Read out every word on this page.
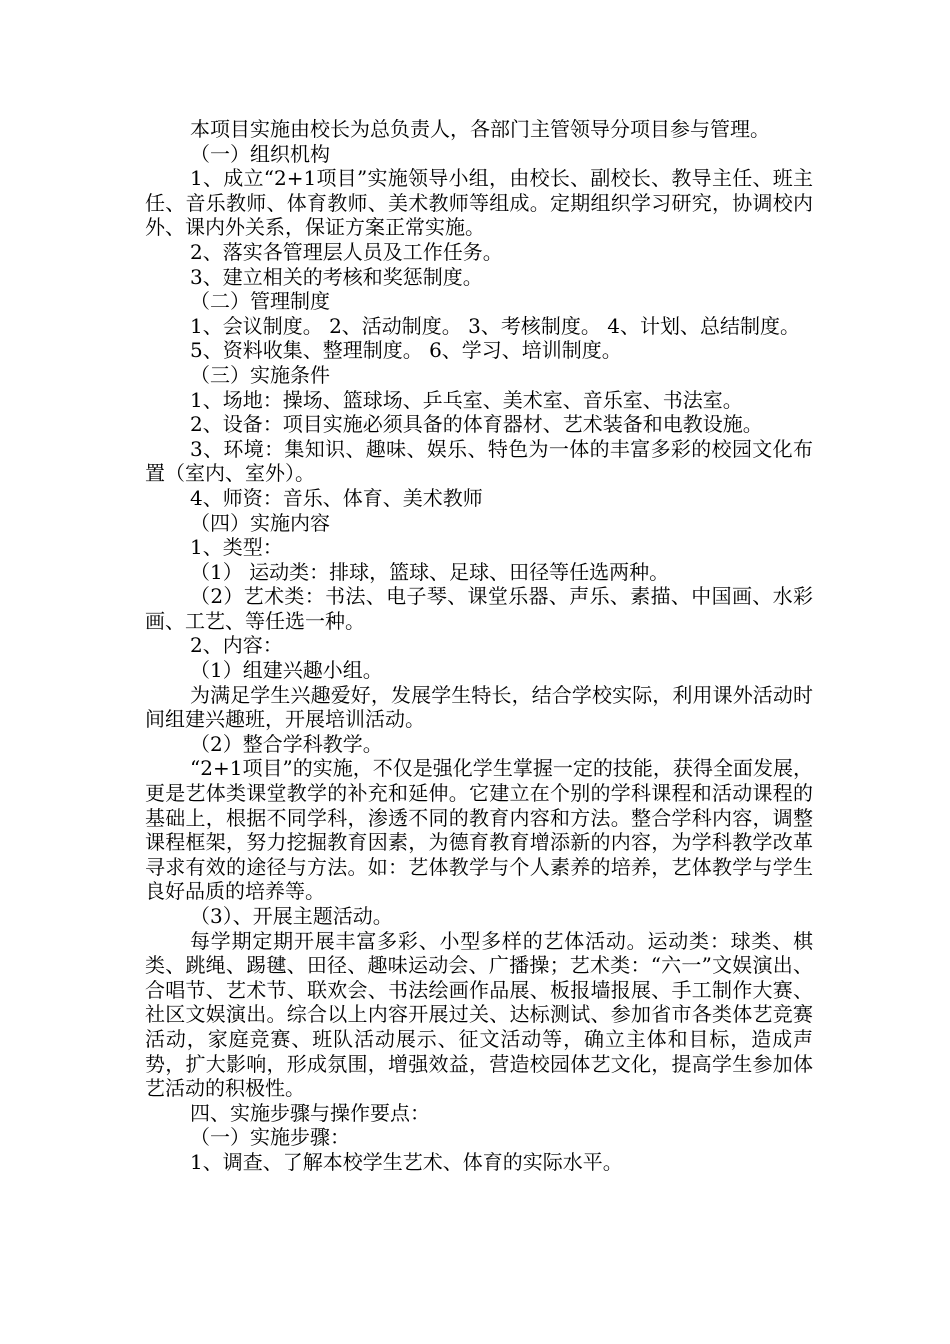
本项目实施由校长为总负责人，各部门主管领导分项目参与管理。

（一）组织机构

1、成立“2+1项目”实施领导小组，由校长、副校长、教导主任、班主任、音乐教师、体育教师、美术教师等组成。定期组织学习研究，协调校内外、课内外关系，保证方案正常实施。

2、落实各管理层人员及工作任务。

3、建立相关的考核和奖惩制度。

（二）管理制度

1、会议制度。 2、活动制度。 3、考核制度。 4、计划、总结制度。

5、资料收集、整理制度。 6、学习、培训制度。

（三）实施条件

1、场地：操场、篮球场、乒乓室、美术室、音乐室、书法室。

2、设备：项目实施必须具备的体育器材、艺术装备和电教设施。

3、环境：集知识、趣味、娱乐、特色为一体的丰富多彩的校园文化布置（室内、室外）。

4、师资：音乐、体育、美术教师

（四）实施内容

1、类型：

（1） 运动类：排球，篮球、足球、田径等任选两种。

（2）艺术类：书法、电子琴、课堂乐器、声乐、素描、中国画、水彩画、工艺、等任选一种。

2、内容：

（1）组建兴趣小组。

为满足学生兴趣爱好，发展学生特长，结合学校实际，利用课外活动时间组建兴趣班，开展培训活动。

（2）整合学科教学。

“2+1项目”的实施，不仅是强化学生掌握一定的技能，获得全面发展，更是艺体类课堂教学的补充和延伸。它建立在个别的学科课程和活动课程的基础上，根据不同学科，渗透不同的教育内容和方法。整合学科内容，调整课程框架，努力挖掘教育因素，为德育教育增添新的内容，为学科教学改革寻求有效的途径与方法。如：艺体教学与个人素养的培养，艺体教学与学生良好品质的培养等。

（3）、开展主题活动。

每学期定期开展丰富多彩、小型多样的艺体活动。运动类：球类、棋类、跳绳、踢毽、田径、趣味运动会、广播操；艺术类：“六一”文娱演出、合唱节、艺术节、联欢会、书法绘画作品展、板报墙报展、手工制作大赛、社区文娱演出。综合以上内容开展过关、达标测试、参加省市各类体艺竞赛活动，家庭竞赛、班队活动展示、征文活动等，确立主体和目标，造成声势，扩大影响，形成氛围，增强效益，营造校园体艺文化，提高学生参加体艺活动的积极性。

四、实施步骤与操作要点：

（一）实施步骤：

1、调查、了解本校学生艺术、体育的实际水平。
